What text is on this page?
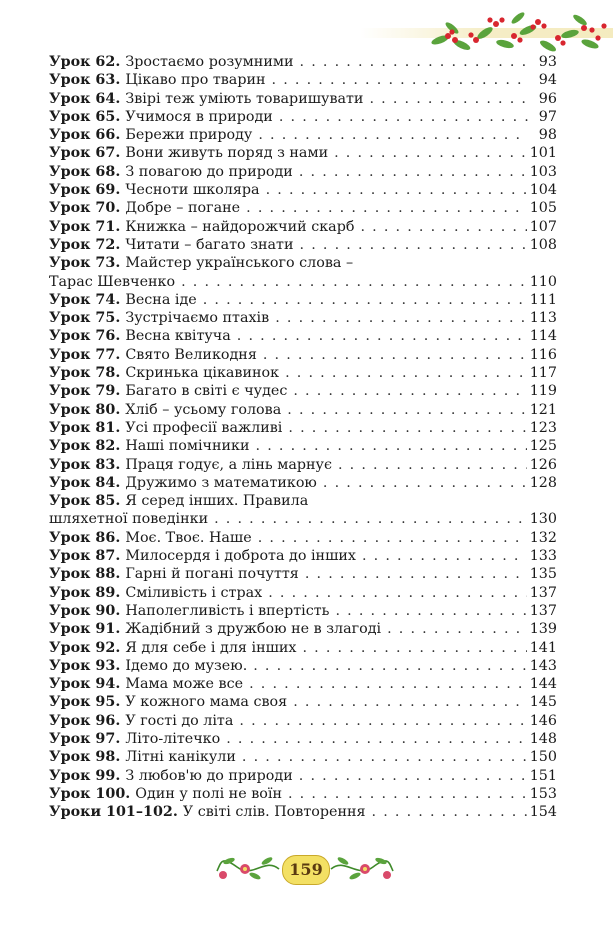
Урок 62. Зростаємо розумними . . .	93
Урок 63. Цікаво про тварин . . .	94
Урок 64. Звірі теж уміють товаришувати . . .	96
Урок 65. Учимося в природи . . .	97
Урок 66. Бережи природу . . .	98
Урок 67. Вони живуть поряд з нами . . .	101
Урок 68. З повагою до природи . . .	103
Урок 69. Чесноти школяра . . .	104
Урок 70. Добре – погане . . .	105
Урок 71. Книжка – найдорожчий скарб . . .	107
Урок 72. Читати – багато знати . . .	108
Урок 73. Майстер українського слова –
Тарас Шевченко . . .	110
Урок 74. Весна іде . . .	111
Урок 75. Зустрічаємо птахів . . .	113
Урок 76. Весна квітуча . . .	114
Урок 77. Свято Великодня . . .	116
Урок 78. Скринька цікавинок . . .	117
Урок 79. Багато в світі є чудес . . .	119
Урок 80. Хліб – усьому голова . . .	121
Урок 81. Усі професії важливі . . .	123
Урок 82. Наші помічники . . .	125
Урок 83. Праця годує, а лінь марнує . . .	126
Урок 84. Дружимо з математикою . . .	128
Урок 85. Я серед інших. Правила
шляхетної поведінки . . .	130
Урок 86. Моє. Твоє. Наше . . .	132
Урок 87. Милосердя і доброта до інших . . .	133
Урок 88. Гарні й погані почуття . . .	135
Урок 89. Сміливість і страх . . .	137
Урок 90. Наполегливість і впертість . . .	137
Урок 91. Жадібний з дружбою не в злагоді . . .	139
Урок 92. Я для себе і для інших . . .	141
Урок 93. Ідемо до музею. . . .	143
Урок 94. Мама може все . . .	144
Урок 95. У кожного мама своя . . .	145
Урок 96. У гості до літа . . .	146
Урок 97. Літо-літечко . . .	148
Урок 98. Літні канікули . . .	150
Урок 99. З любов'ю до природи . . .	151
Урок 100. Один у полі не воїн . . .	153
Уроки 101–102. У світі слів. Повторення . . .	154
159
